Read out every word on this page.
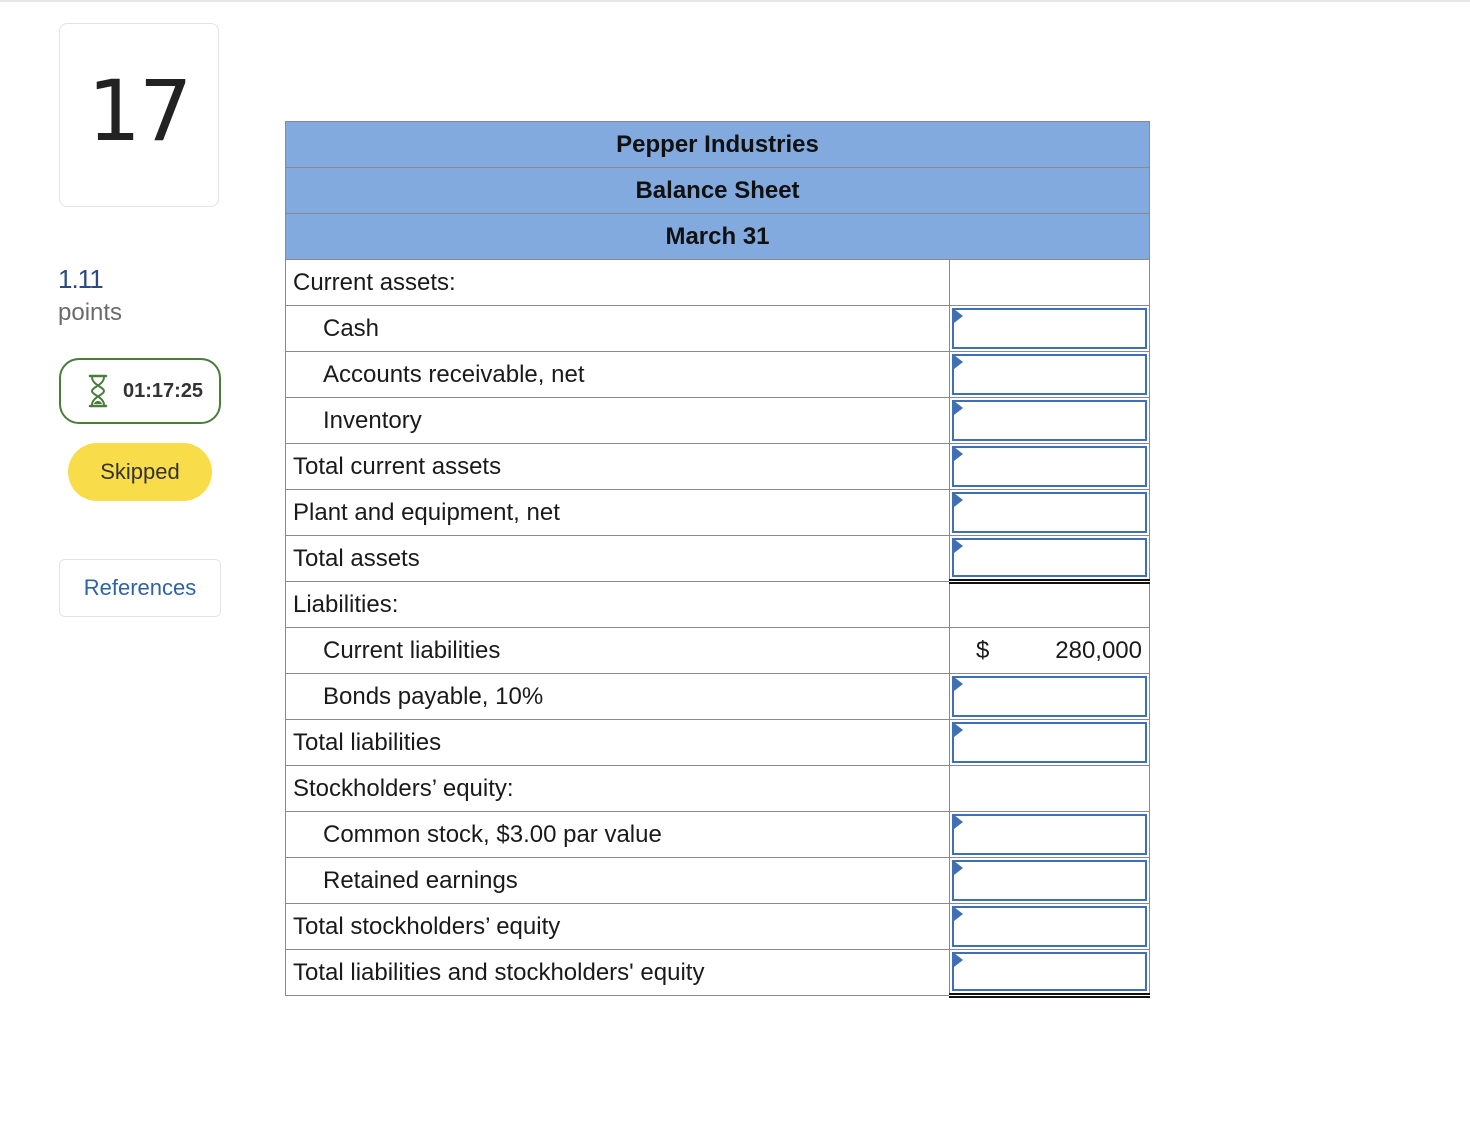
17
1.11
points
01:17:25
Skipped
References
Pepper Industries	
Balance Sheet	
March 31	
Current assets:	
Cash	

Accounts receivable, net	

Inventory	

Total current assets	

Plant and equipment, net	

Total assets	

Liabilities:	
Current liabilities	$ 280,000

Bonds payable, 10%	

Total liabilities	

Stockholders’ equity:	
Common stock, $3.00 par value	

Retained earnings	

Total stockholders’ equity	

Total liabilities and stockholders' equity	
